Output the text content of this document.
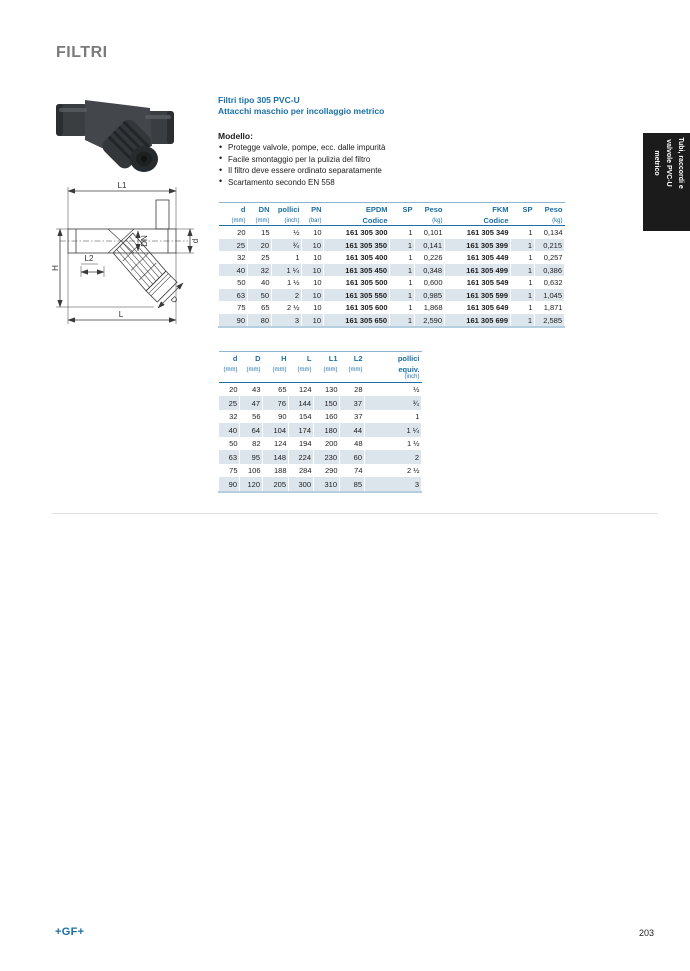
FILTRI
L1
DN	d
H
L2
D
L
Filtri tipo 305 PVC-U
Attacchi maschio per incollaggio metrico
Modello:
• Protegge valvole, pompe, ecc. dalle impurità
• Facile smontaggio per la pulizia del filtro
• Il filtro deve essere ordinato separatamente
• Scartamento secondo EN 558
d	DN	pollici	PN	EPDM	SP	Peso	FKM	SP	Peso
(mm)	(mm)	(inch)	(bar)	Codice		(kg)	Codice		(kg)
20	15	½	10	161 305 300	1	0,101	161 305 349	1	0,134
25	20	¾	10	161 305 350	1	0,141	161 305 399	1	0,215
32	25	1	10	161 305 400	1	0,226	161 305 449	1	0,257
40	32	1 ¼	10	161 305 450	1	0,348	161 305 499	1	0,386
50	40	1 ½	10	161 305 500	1	0,600	161 305 549	1	0,632
63	50	2	10	161 305 550	1	0,985	161 305 599	1	1,045
75	65	2 ½	10	161 305 600	1	1,868	161 305 649	1	1,871
90	80	3	10	161 305 650	1	2,590	161 305 699	1	2,585
d	D	H	L	L1	L2	pollici
(mm)	(mm)	(mm)	(mm)	(mm)	(mm)	equiv.
						(inch)
20	43	65	124	130	28	½
25	47	76	144	150	37	¾
32	56	90	154	160	37	1
40	64	104	174	180	44	1 ¼
50	82	124	194	200	48	1 ½
63	95	148	224	230	60	2
75	106	188	284	290	74	2 ½
90	120	205	300	310	85	3
Tubi, raccordi e
valvole PVC-U
metrico
+GF+	203
